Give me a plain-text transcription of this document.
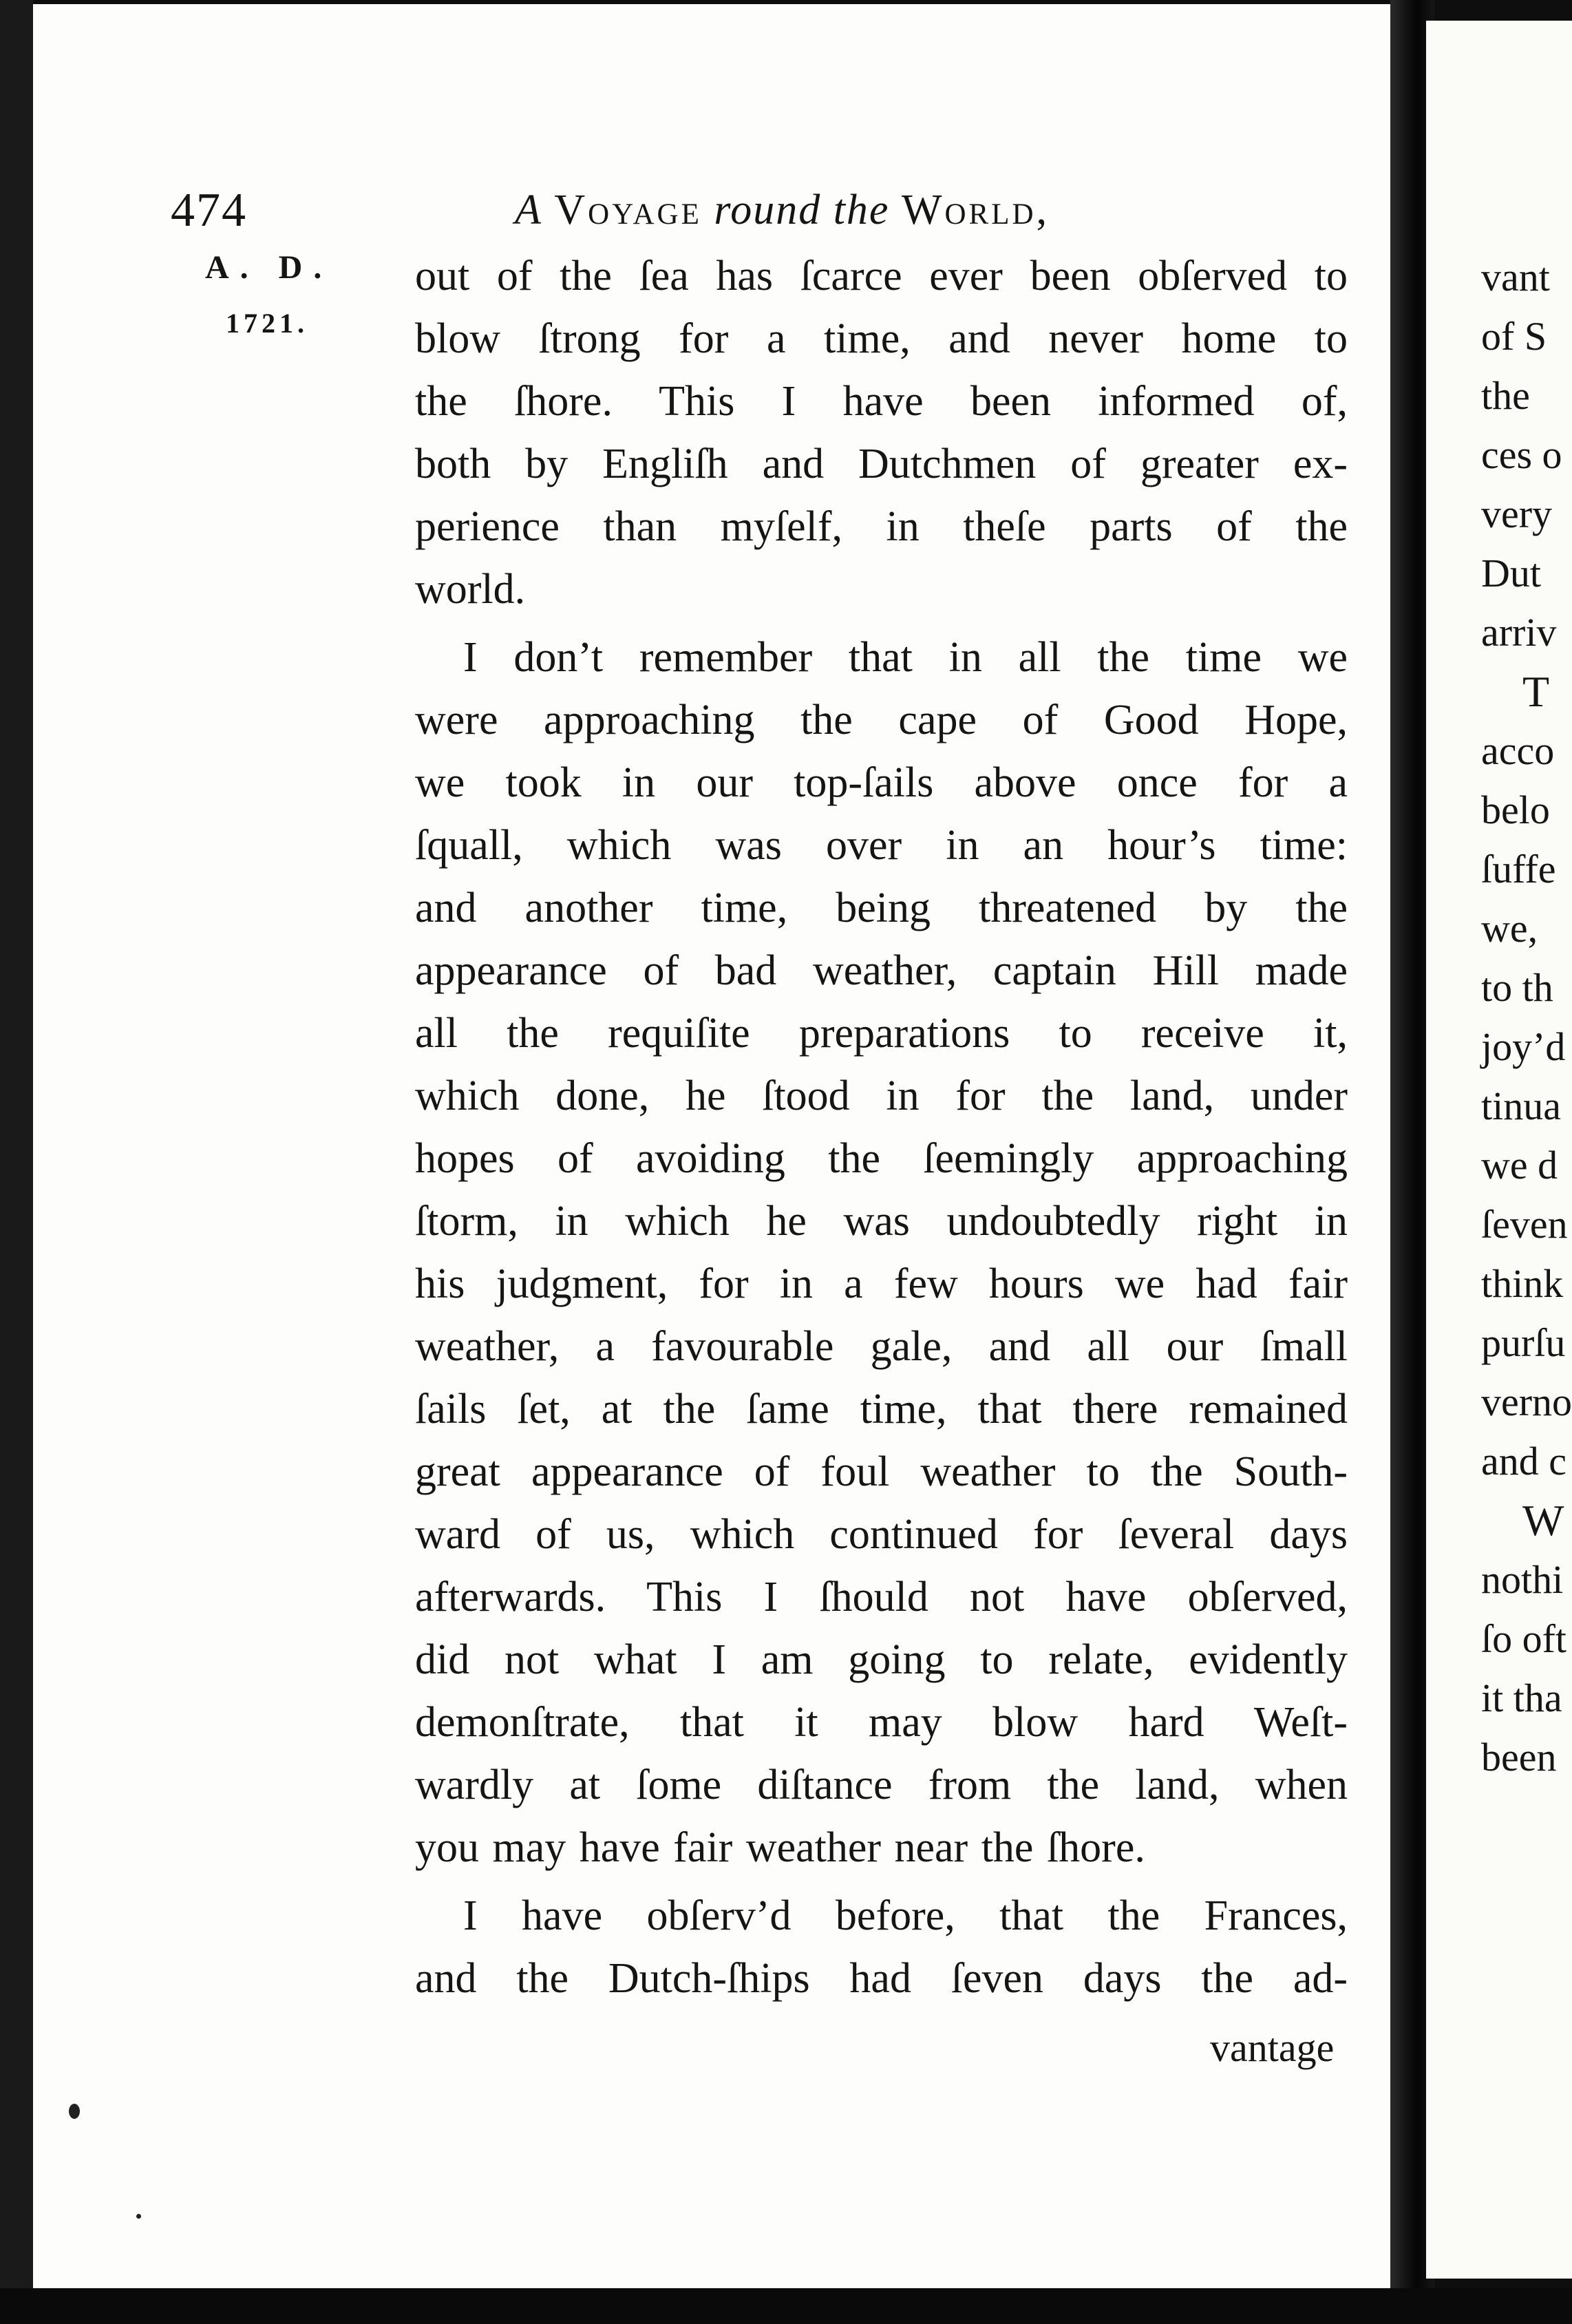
474	A Voyage round the World,
A. D.
1721.
out of the ſea has ſcarce ever been obſerved to
blow ſtrong for a time, and never home to
the ſhore. This I have been informed of,
both by Engliſh and Dutchmen of greater ex-
perience than myſelf, in theſe parts of the
world.
I don’t remember that in all the time we
were approaching the cape of Good Hope,
we took in our top-ſails above once for a
ſquall, which was over in an hour’s time:
and another time, being threatened by the
appearance of bad weather, captain Hill made
all the requiſite preparations to receive it,
which done, he ſtood in for the land, under
hopes of avoiding the ſeemingly approaching
ſtorm, in which he was undoubtedly right in
his judgment, for in a few hours we had fair
weather, a favourable gale, and all our ſmall
ſails ſet, at the ſame time, that there remained
great appearance of foul weather to the South-
ward of us, which continued for ſeveral days
afterwards. This I ſhould not have obſerved,
did not what I am going to relate, evidently
demonſtrate, that it may blow hard Weſt-
wardly at ſome diſtance from the land, when
you may have fair weather near the ſhore.
I have obſerv’d before, that the Frances,
and the Dutch-ſhips had ſeven days the ad-
vantage
vant
of S
the
ces o
very
Dut
arriv
T
acco
belo
ſuffe
we,
to th
joy’d
tinua
we d
ſeven
think
purſu
verno
and c
W
nothi
ſo oft
it tha
been
